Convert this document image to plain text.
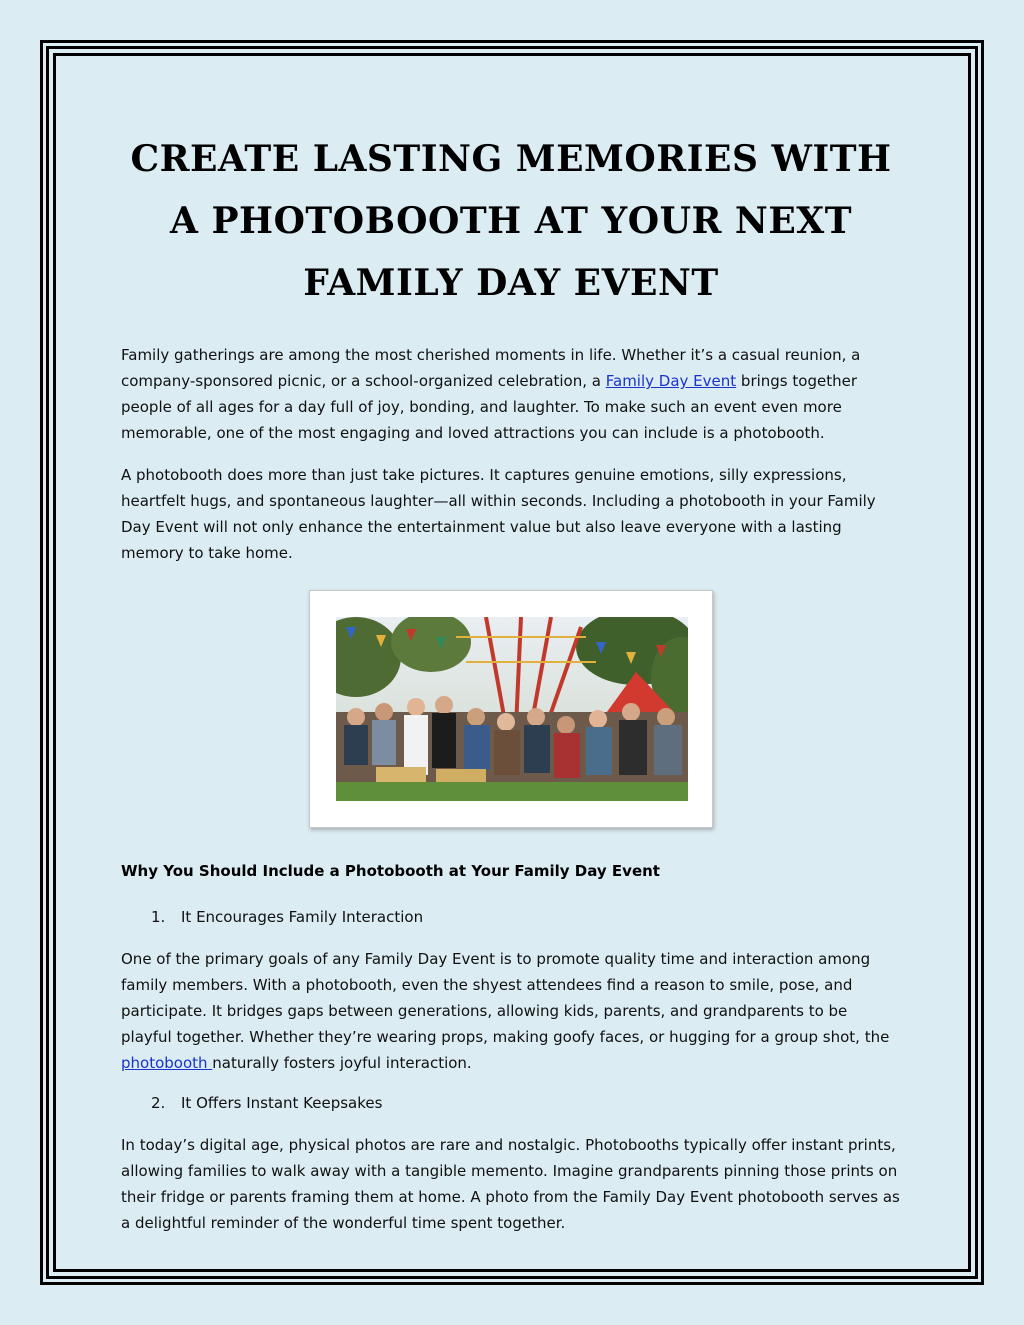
CREATE LASTING MEMORIES WITH A PHOTOBOOTH AT YOUR NEXT FAMILY DAY EVENT

Family gatherings are among the most cherished moments in life. Whether it’s a casual reunion, a company-sponsored picnic, or a school-organized celebration, a Family Day Event brings together people of all ages for a day full of joy, bonding, and laughter. To make such an event even more memorable, one of the most engaging and loved attractions you can include is a photobooth.

A photobooth does more than just take pictures. It captures genuine emotions, silly expressions, heartfelt hugs, and spontaneous laughter—all within seconds. Including a photobooth in your Family Day Event will not only enhance the entertainment value but also leave everyone with a lasting memory to take home.

Why You Should Include a Photobooth at Your Family Day Event

1.	It Encourages Family Interaction

One of the primary goals of any Family Day Event is to promote quality time and interaction among family members. With a photobooth, even the shyest attendees find a reason to smile, pose, and participate. It bridges gaps between generations, allowing kids, parents, and grandparents to be playful together. Whether they’re wearing props, making goofy faces, or hugging for a group shot, the photobooth naturally fosters joyful interaction.

2.	It Offers Instant Keepsakes

In today’s digital age, physical photos are rare and nostalgic. Photobooths typically offer instant prints, allowing families to walk away with a tangible memento. Imagine grandparents pinning those prints on their fridge or parents framing them at home. A photo from the Family Day Event photobooth serves as a delightful reminder of the wonderful time spent together.
